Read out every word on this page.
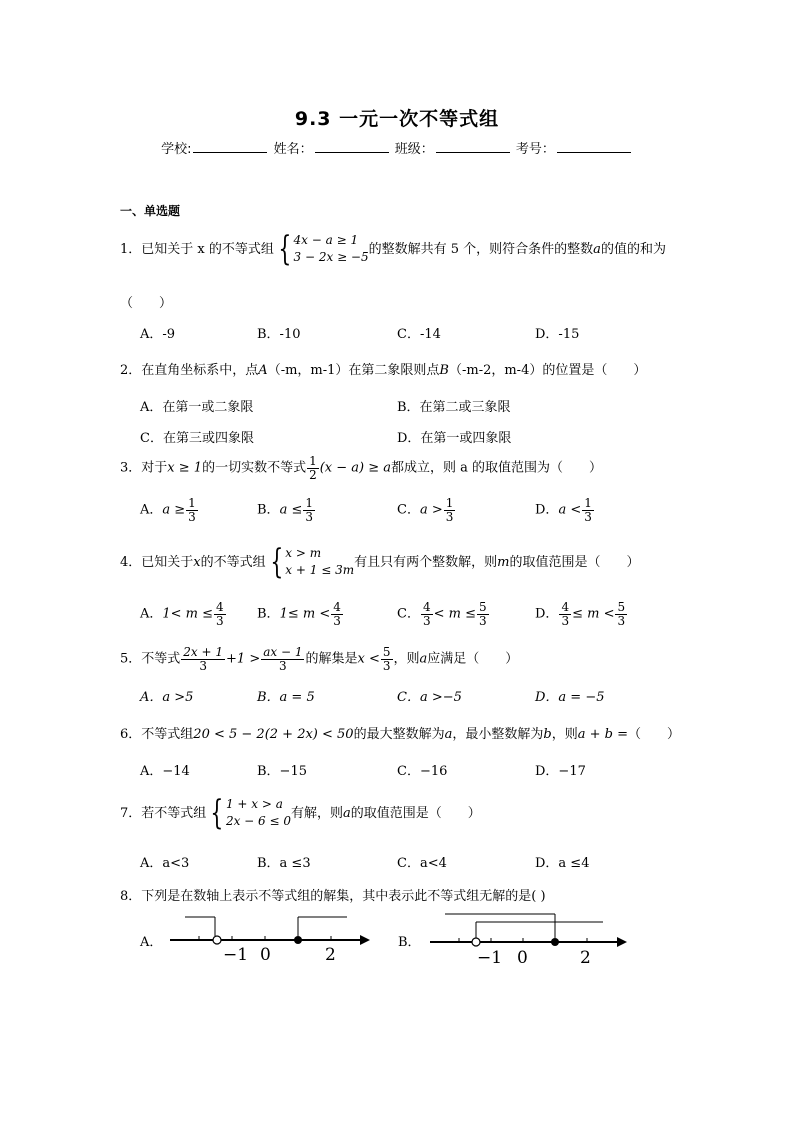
9.3 一元一次不等式组
学校:	姓名：	班级：	考号：
一、单选题
1．已知关于 x 的不等式组 { 4x − a ≥ 1
3 − 2x ≥ −5
的整数解共有 5 个，则符合条件的整数a的值的和为
（　　）
A．-9	B．-10	C．-14	D．-15
2．在直角坐标系中，点A（-m，m-1）在第二象限则点B（-m-2，m-4）的位置是（　　）
A．在第一或二象限	B．在第二或三象限
C．在第三或四象限	D．在第一或四象限
3．对于x ≥ 1的一切实数不等式 $\frac{1}{2} (x - a) \ge a$都成立，则 a 的取值范围为（　　）
A．$a \ge \frac{1}{3}$	B．$a \le \frac{1}{3}$	C．$a > \frac{1}{3}$	D．$a < \frac{1}{3}$
4．已知关于x的不等式组 { x > m
x + 1 ≤ 3m
有且只有两个整数解，则m的取值范围是（　　）
A．$1< m \le \frac{4}{3}$ B．$1\le m < \frac{4}{3}$	C． $\frac{4}{3} < m \le \frac{5}{3}$	D． $\frac{4}{3} \le m < \frac{5}{3}$
5．不等式 $\frac{2x + 1}{3} +1 > \frac{ax - 1}{3}$ 的解集是$x < \frac{5}{3}$ ，则a应满足（　　）
A．a >5	B．a = 5	C．a >−5	D．a = −5
6．不等式组20 < 5 − 2(2 + 2x) < 50的最大整数解为a，最小整数解为b，则a + b =（　　）
A．−14	B．−15	C．−16	D．−17
7．若不等式组 { 1 + x > a
2x − 6 ≤ 0
有解，则a的取值范围是（　　）
A．a<3	B．a ≤3	C．a<4	D．a ≤4
8．下列是在数轴上表示不等式组的解集，其中表示此不等式组无解的是( )
A．
−1 0	2
B．
−1 0	2
